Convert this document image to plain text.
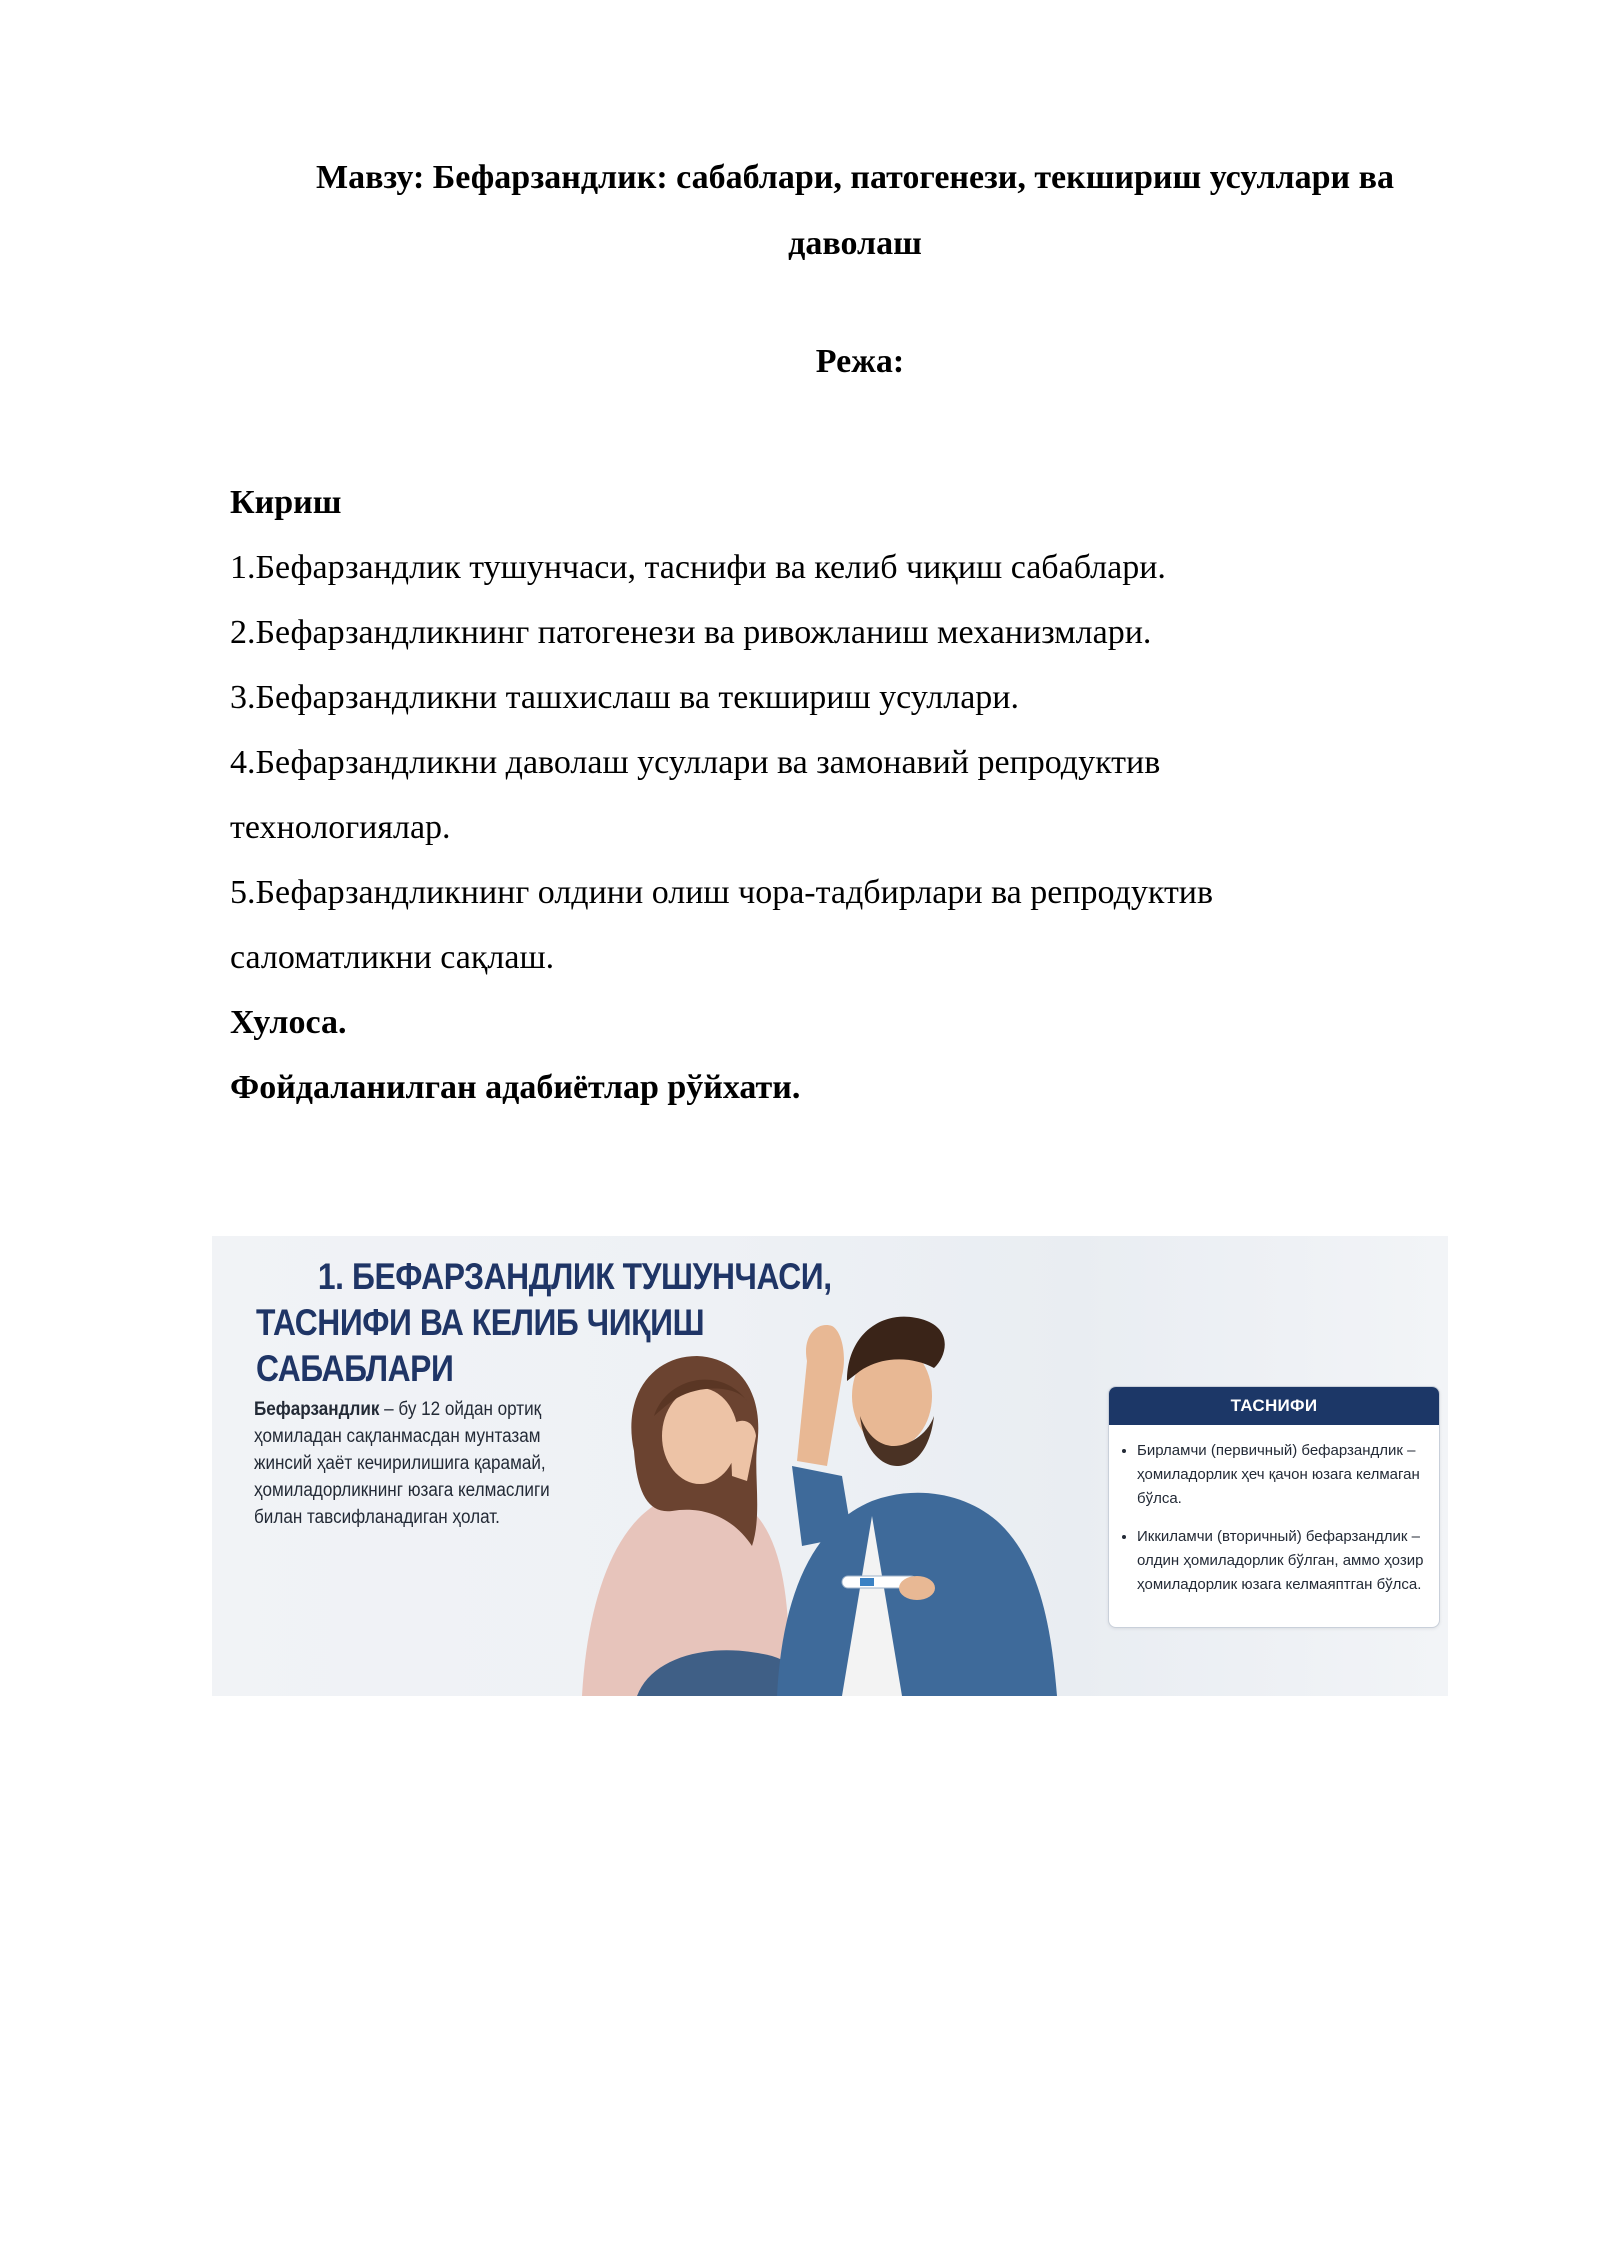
Мавзу: Бефарзандлик: сабаблари, патогенези, текшириш усуллари ва
даволаш
Режа:
Кириш
1.Бефарзандлик тушунчаси, таснифи ва келиб чиқиш сабаблари.
2.Бефарзандликнинг патогенези ва ривожланиш механизмлари.
3.Бефарзандликни ташхислаш ва текшириш усуллари.
4.Бефарзандликни даволаш усуллари ва замонавий репродуктив
технологиялар.
5.Бефарзандликнинг олдини олиш чора-тадбирлари ва репродуктив
саломатликни сақлаш.
Хулоса.
Фойдаланилган адабиётлар рўйхати.
1. БЕФАРЗАНДЛИК ТУШУНЧАСИ,
ТАСНИФИ ВА КЕЛИБ ЧИҚИШ САБАБЛАРИ
Бефарзандлик – бу 12 ойдан ортиқ ҳомиладан сақланмасдан мунтазам жинсий ҳаёт кечирилишига қарамай, ҳомиладорликнинг юзага келмаслиги билан тавсифланадиган ҳолат.
ТАСНИФИ
• Бирламчи (первичный) бефарзандлик – ҳомиладорлик ҳеч қачон юзага келмаган бўлса.
• Иккиламчи (вторичный) бефарзандлик – олдин ҳомиладорлик бўлган, аммо ҳозир ҳомиладорлик юзага келмаяптган бўлса.
